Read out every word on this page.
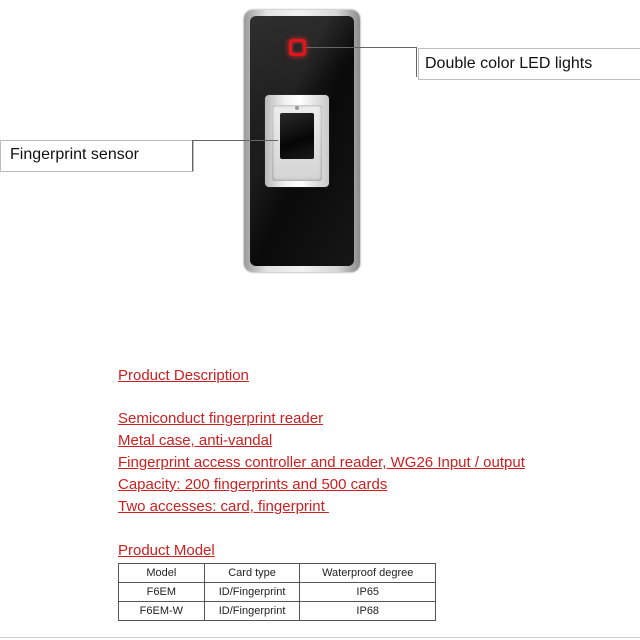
Double color LED lights
Fingerprint sensor
Product Description
Semiconduct fingerprint reader
Metal case, anti-vandal
Fingerprint access controller and reader, WG26 Input / output
Capacity: 200 fingerprints and 500 cards
Two accesses: card, fingerprint
Product Model
Model	Card type	Waterproof degree
F6EM	ID/Fingerprint	IP65
F6EM-W	ID/Fingerprint	IP68
